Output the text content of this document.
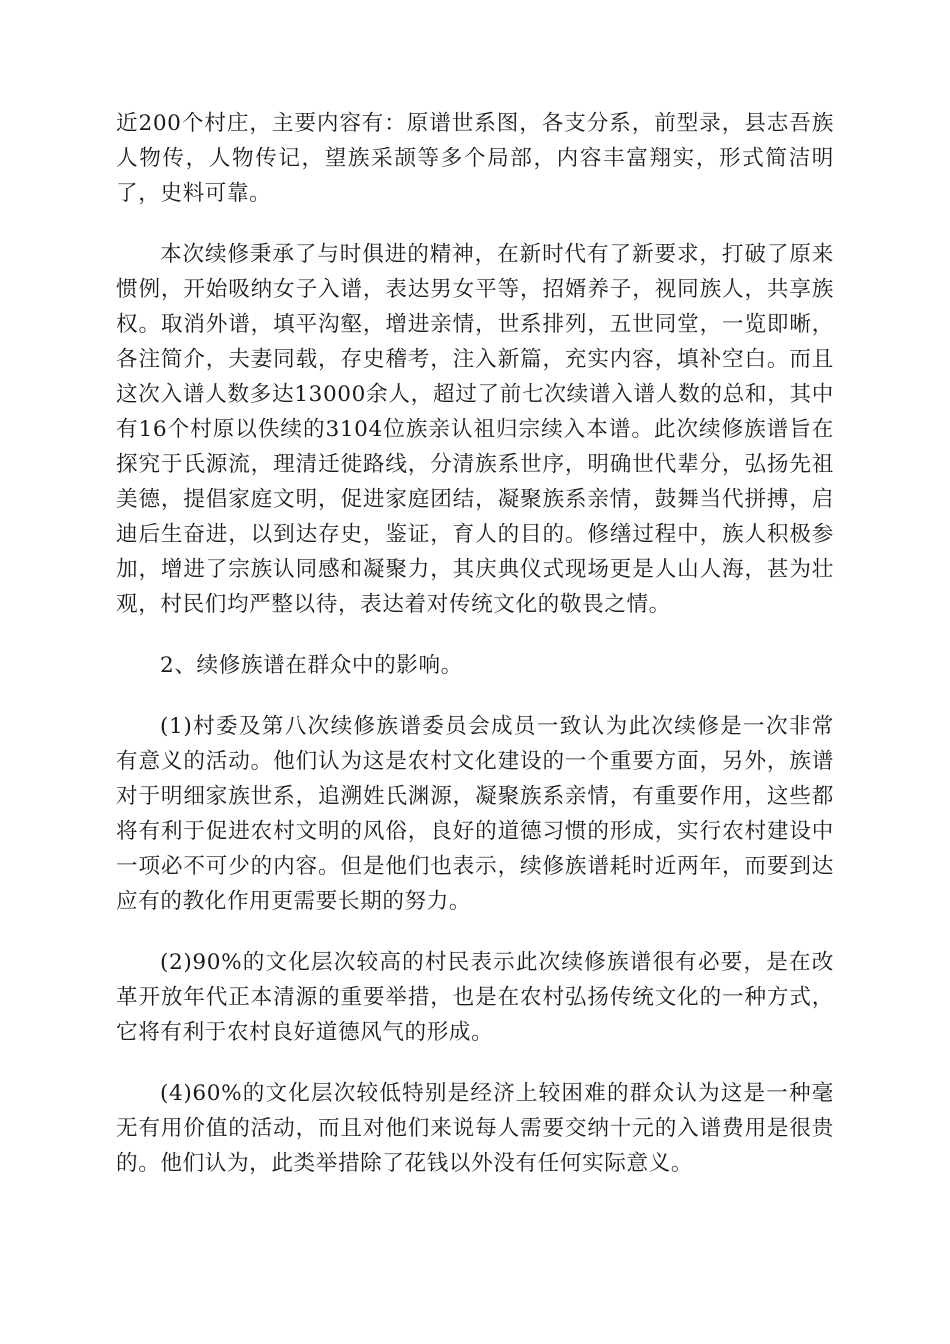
近200个村庄，主要内容有：原谱世系图，各支分系，前型录，县志吾族人物传，人物传记，望族采颉等多个局部，内容丰富翔实，形式简洁明了，史料可靠。

本次续修秉承了与时俱进的精神，在新时代有了新要求，打破了原来惯例，开始吸纳女子入谱，表达男女平等，招婿养子，视同族人，共享族权。取消外谱，填平沟壑，增进亲情，世系排列，五世同堂，一览即晰，各注简介，夫妻同载，存史稽考，注入新篇，充实内容，填补空白。而且这次入谱人数多达13000余人，超过了前七次续谱入谱人数的总和，其中有16个村原以佚续的3104位族亲认祖归宗续入本谱。此次续修族谱旨在探究于氏源流，理清迁徙路线，分清族系世序，明确世代辈分，弘扬先祖美德，提倡家庭文明，促进家庭团结，凝聚族系亲情，鼓舞当代拼搏，启迪后生奋进，以到达存史，鉴证，育人的目的。修缮过程中，族人积极参加，增进了宗族认同感和凝聚力，其庆典仪式现场更是人山人海，甚为壮观，村民们均严整以待，表达着对传统文化的敬畏之情。

2、续修族谱在群众中的影响。

(1)村委及第八次续修族谱委员会成员一致认为此次续修是一次非常有意义的活动。他们认为这是农村文化建设的一个重要方面，另外，族谱对于明细家族世系，追溯姓氏渊源，凝聚族系亲情，有重要作用，这些都将有利于促进农村文明的风俗，良好的道德习惯的形成，实行农村建设中一项必不可少的内容。但是他们也表示，续修族谱耗时近两年，而要到达应有的教化作用更需要长期的努力。

(2)90%的文化层次较高的村民表示此次续修族谱很有必要，是在改革开放年代正本清源的重要举措，也是在农村弘扬传统文化的一种方式，它将有利于农村良好道德风气的形成。

(4)60%的文化层次较低特别是经济上较困难的群众认为这是一种毫无有用价值的活动，而且对他们来说每人需要交纳十元的入谱费用是很贵的。他们认为，此类举措除了花钱以外没有任何实际意义。
